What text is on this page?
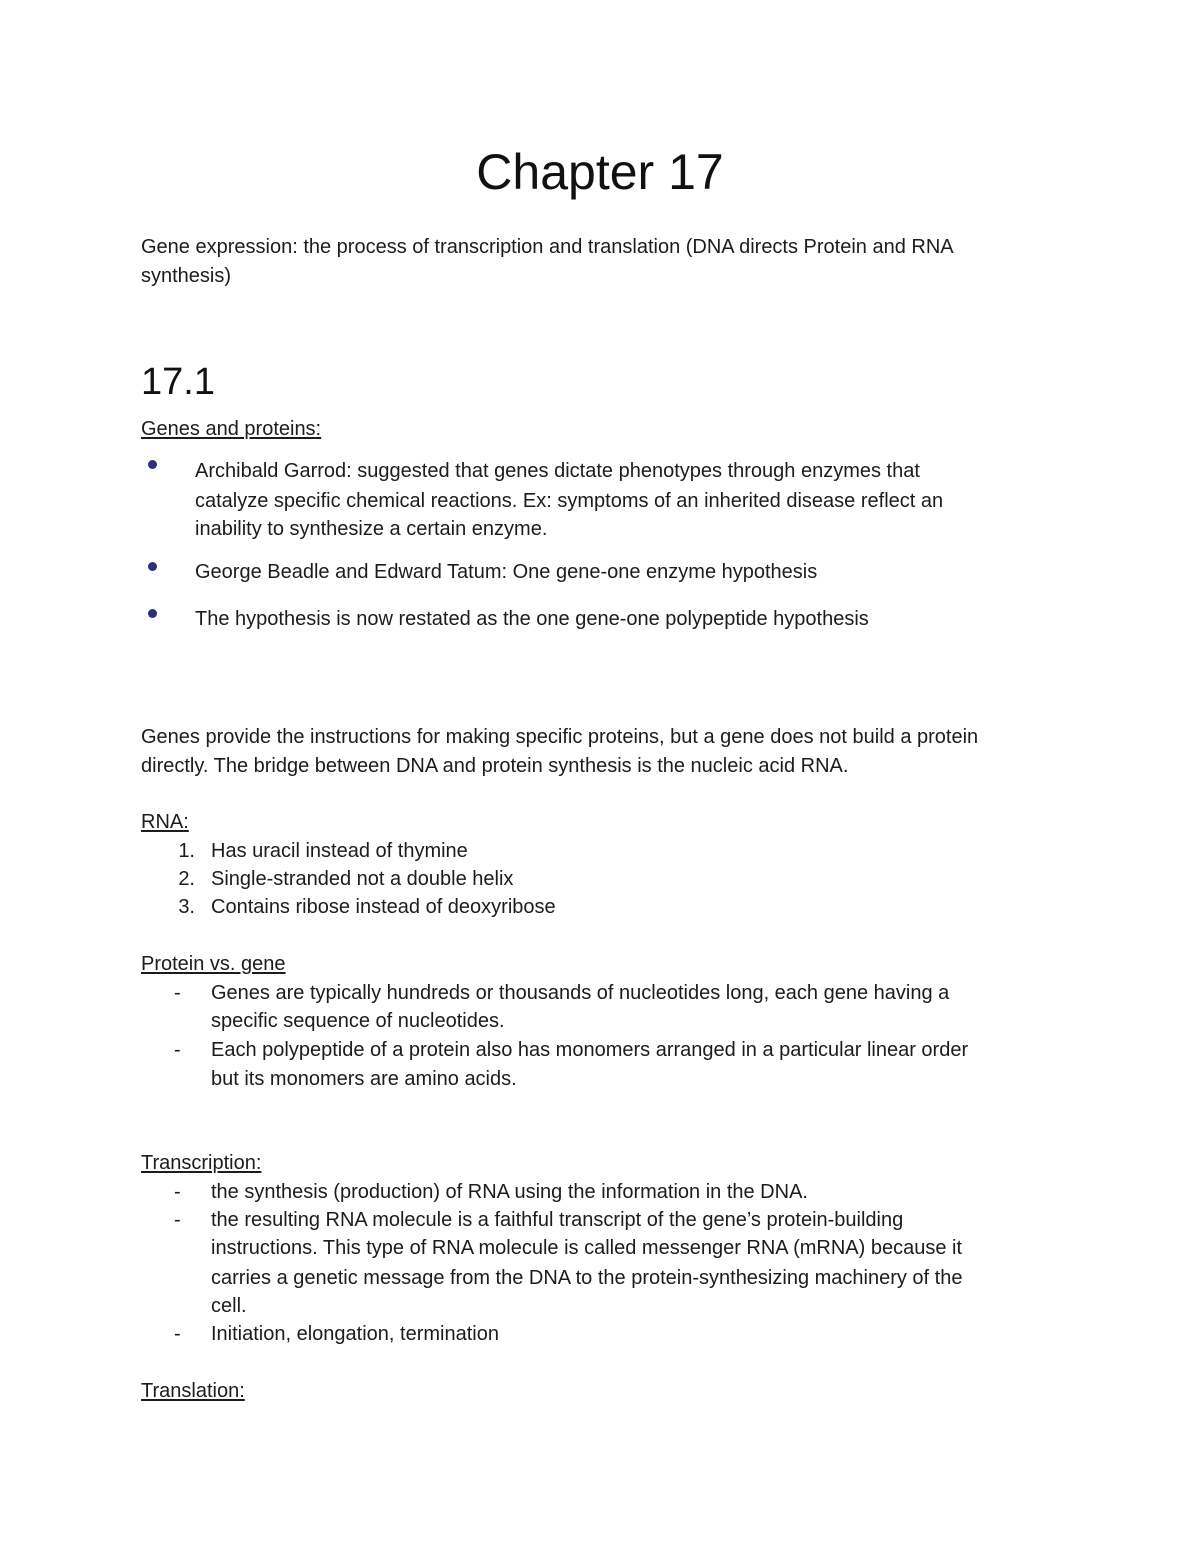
Chapter 17
Gene expression: the process of transcription and translation (DNA directs Protein and RNA
synthesis)
17.1
Genes and proteins:
Archibald Garrod: suggested that genes dictate phenotypes through enzymes that
catalyze specific chemical reactions. Ex: symptoms of an inherited disease reflect an
inability to synthesize a certain enzyme.
George Beadle and Edward Tatum: One gene-one enzyme hypothesis
The hypothesis is now restated as the one gene-one polypeptide hypothesis
Genes provide the instructions for making specific proteins, but a gene does not build a protein
directly. The bridge between DNA and protein synthesis is the nucleic acid RNA.
RNA:
1. Has uracil instead of thymine
2. Single-stranded not a double helix
3. Contains ribose instead of deoxyribose
Protein vs. gene
- Genes are typically hundreds or thousands of nucleotides long, each gene having a
specific sequence of nucleotides.
- Each polypeptide of a protein also has monomers arranged in a particular linear order
but its monomers are amino acids.
Transcription:
- the synthesis (production) of RNA using the information in the DNA.
- the resulting RNA molecule is a faithful transcript of the gene’s protein-building
instructions. This type of RNA molecule is called messenger RNA (mRNA) because it
carries a genetic message from the DNA to the protein-synthesizing machinery of the
cell.
- Initiation, elongation, termination
Translation:
